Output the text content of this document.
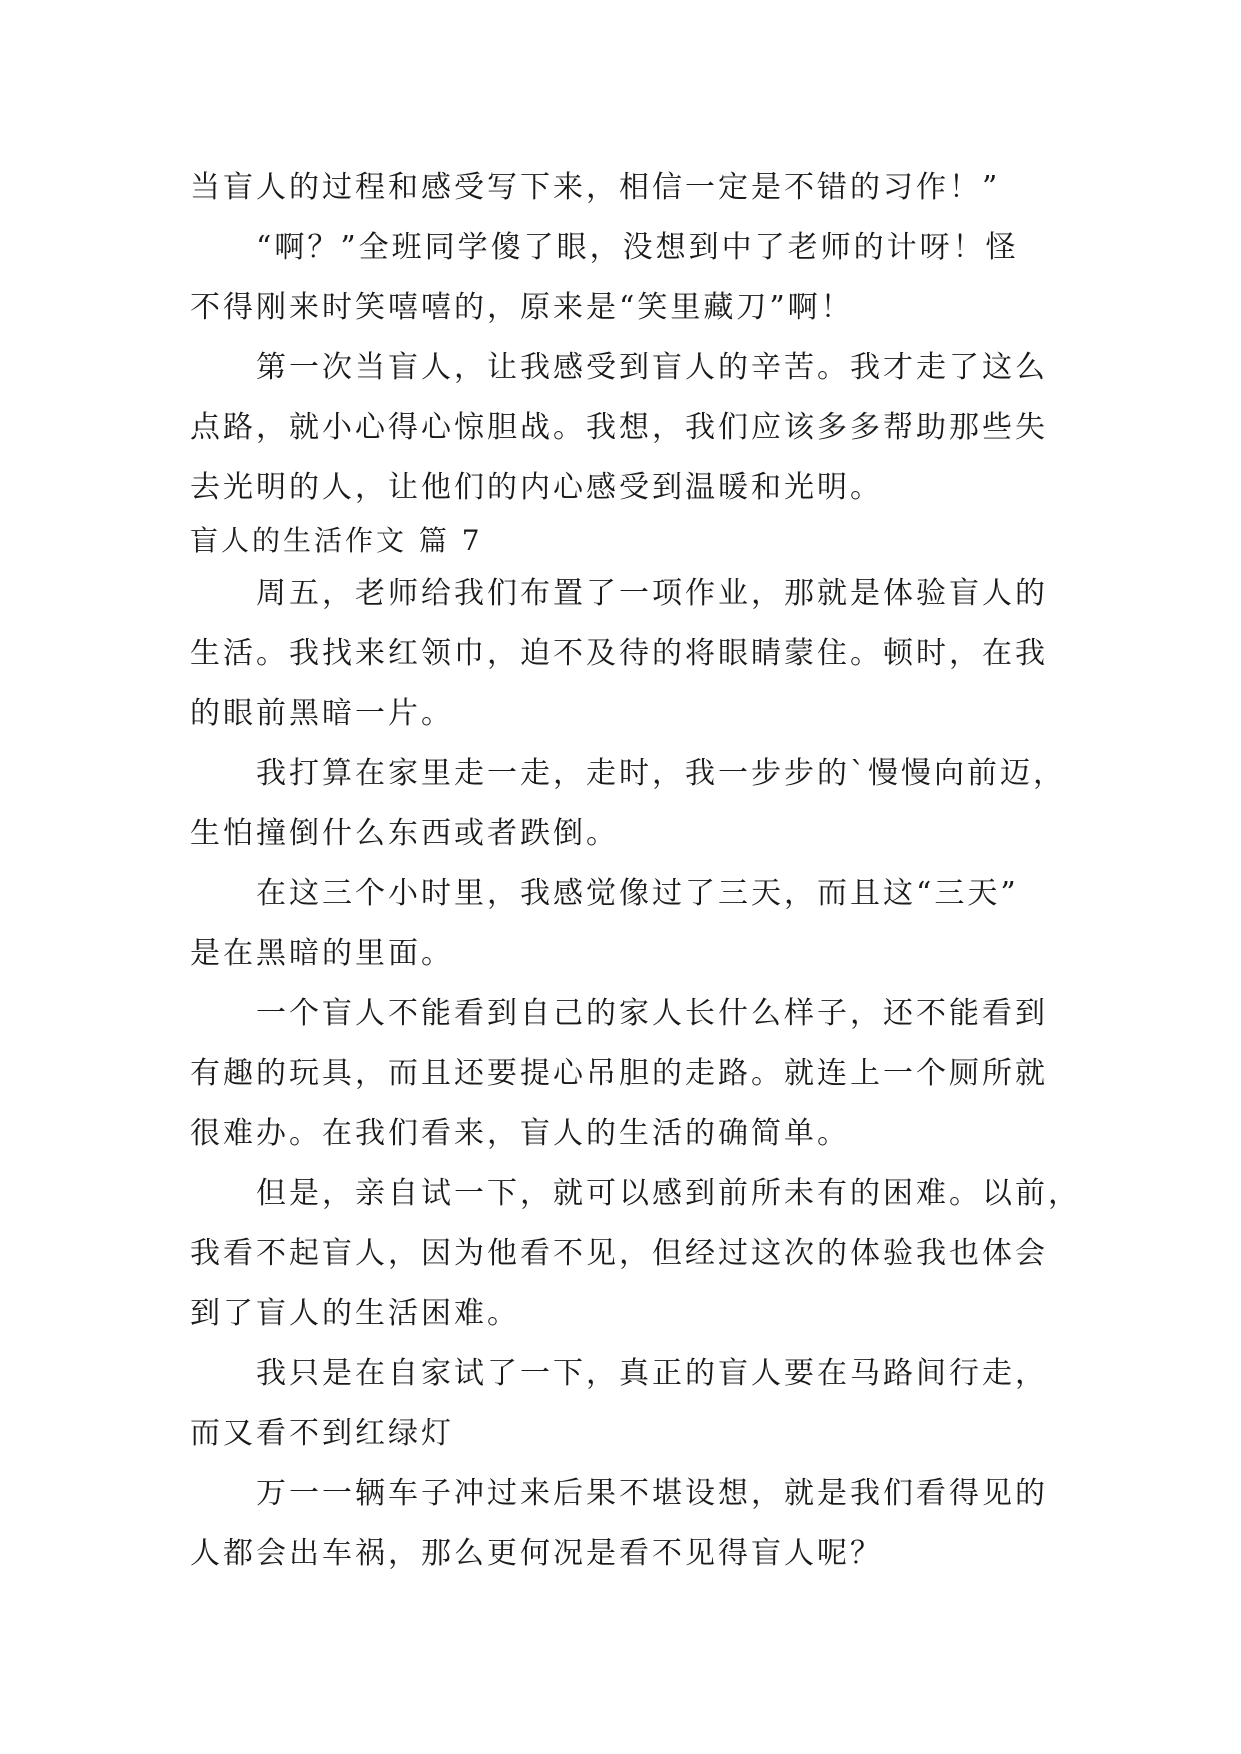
当盲人的过程和感受写下来，相信一定是不错的习作！”
“啊？”全班同学傻了眼，没想到中了老师的计呀！怪
不得刚来时笑嘻嘻的，原来是“笑里藏刀”啊！
第一次当盲人，让我感受到盲人的辛苦。我才走了这么
点路，就小心得心惊胆战。我想，我们应该多多帮助那些失
去光明的人，让他们的内心感受到温暖和光明。
盲人的生活作文 篇 7
周五，老师给我们布置了一项作业，那就是体验盲人的
生活。我找来红领巾，迫不及待的将眼睛蒙住。顿时，在我
的眼前黑暗一片。
我打算在家里走一走，走时，我一步步的`慢慢向前迈，
生怕撞倒什么东西或者跌倒。
在这三个小时里，我感觉像过了三天，而且这“三天”
是在黑暗的里面。
一个盲人不能看到自己的家人长什么样子，还不能看到
有趣的玩具，而且还要提心吊胆的走路。就连上一个厕所就
很难办。在我们看来，盲人的生活的确简单。
但是，亲自试一下，就可以感到前所未有的困难。以前，
我看不起盲人，因为他看不见，但经过这次的体验我也体会
到了盲人的生活困难。
我只是在自家试了一下，真正的盲人要在马路间行走，
而又看不到红绿灯
万一一辆车子冲过来后果不堪设想，就是我们看得见的
人都会出车祸，那么更何况是看不见得盲人呢？
